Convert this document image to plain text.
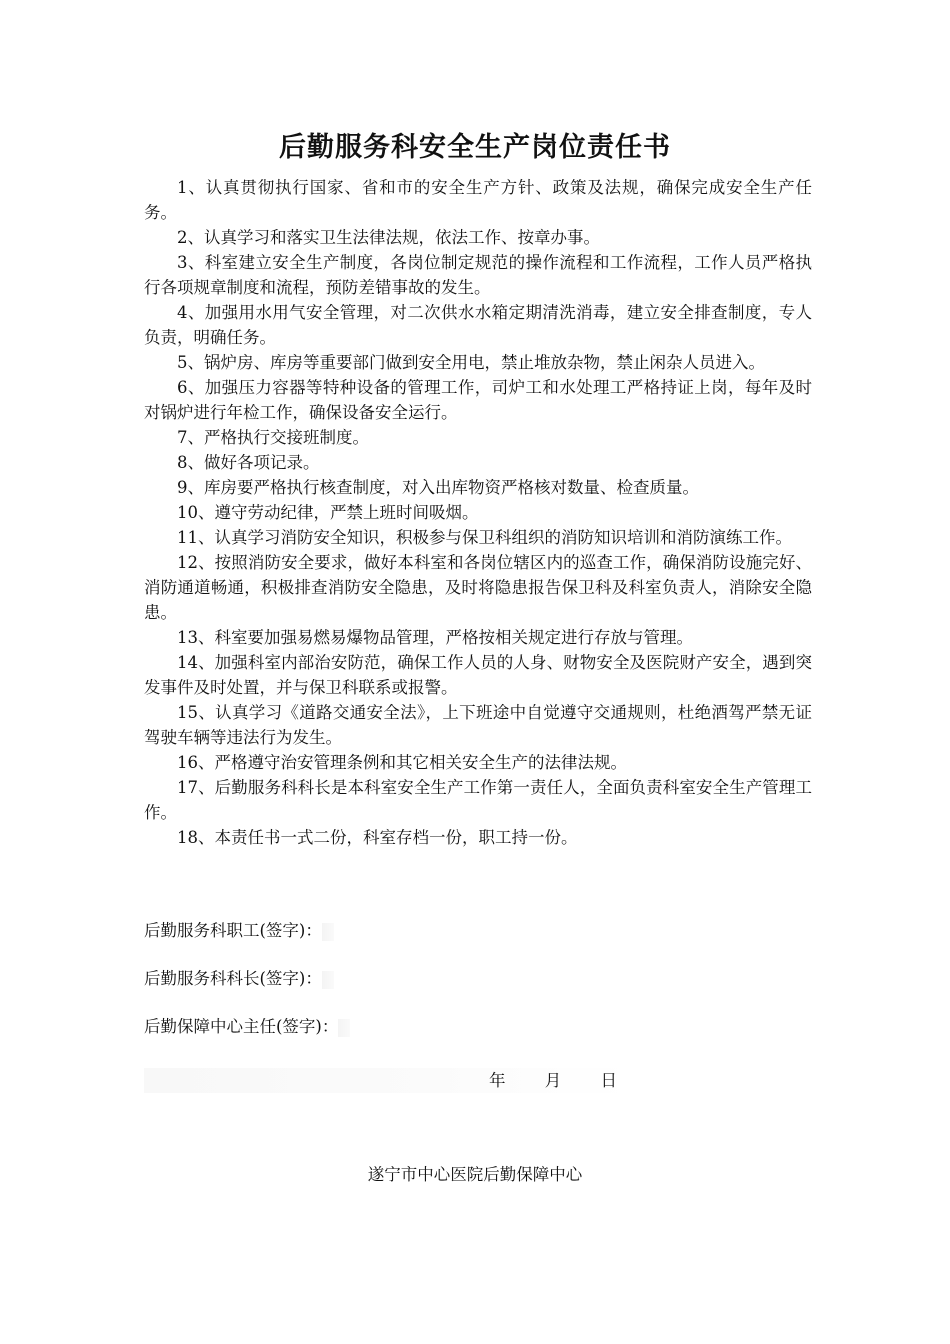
后勤服务科安全生产岗位责任书
1、认真贯彻执行国家、省和市的安全生产方针、政策及法规，确保完成安全生产任务。
2、认真学习和落实卫生法律法规，依法工作、按章办事。
3、科室建立安全生产制度，各岗位制定规范的操作流程和工作流程，工作人员严格执行各项规章制度和流程，预防差错事故的发生。
4、加强用水用气安全管理，对二次供水水箱定期清洗消毒，建立安全排查制度，专人负责，明确任务。
5、锅炉房、库房等重要部门做到安全用电，禁止堆放杂物，禁止闲杂人员进入。
6、加强压力容器等特种设备的管理工作，司炉工和水处理工严格持证上岗，每年及时对锅炉进行年检工作，确保设备安全运行。
7、严格执行交接班制度。
8、做好各项记录。
9、库房要严格执行核查制度，对入出库物资严格核对数量、检查质量。
10、遵守劳动纪律，严禁上班时间吸烟。
11、认真学习消防安全知识，积极参与保卫科组织的消防知识培训和消防演练工作。
12、按照消防安全要求，做好本科室和各岗位辖区内的巡查工作，确保消防设施完好、消防通道畅通，积极排查消防安全隐患，及时将隐患报告保卫科及科室负责人，消除安全隐患。
13、科室要加强易燃易爆物品管理，严格按相关规定进行存放与管理。
14、加强科室内部治安防范，确保工作人员的人身、财物安全及医院财产安全，遇到突发事件及时处置，并与保卫科联系或报警。
15、认真学习《道路交通安全法》，上下班途中自觉遵守交通规则，杜绝酒驾严禁无证驾驶车辆等违法行为发生。
16、严格遵守治安管理条例和其它相关安全生产的法律法规。
17、后勤服务科科长是本科室安全生产工作第一责任人，全面负责科室安全生产管理工作。
18、本责任书一式二份，科室存档一份，职工持一份。
后勤服务科职工(签字)：
后勤服务科科长(签字)：
后勤保障中心主任(签字)：
年 月 日
遂宁市中心医院后勤保障中心
